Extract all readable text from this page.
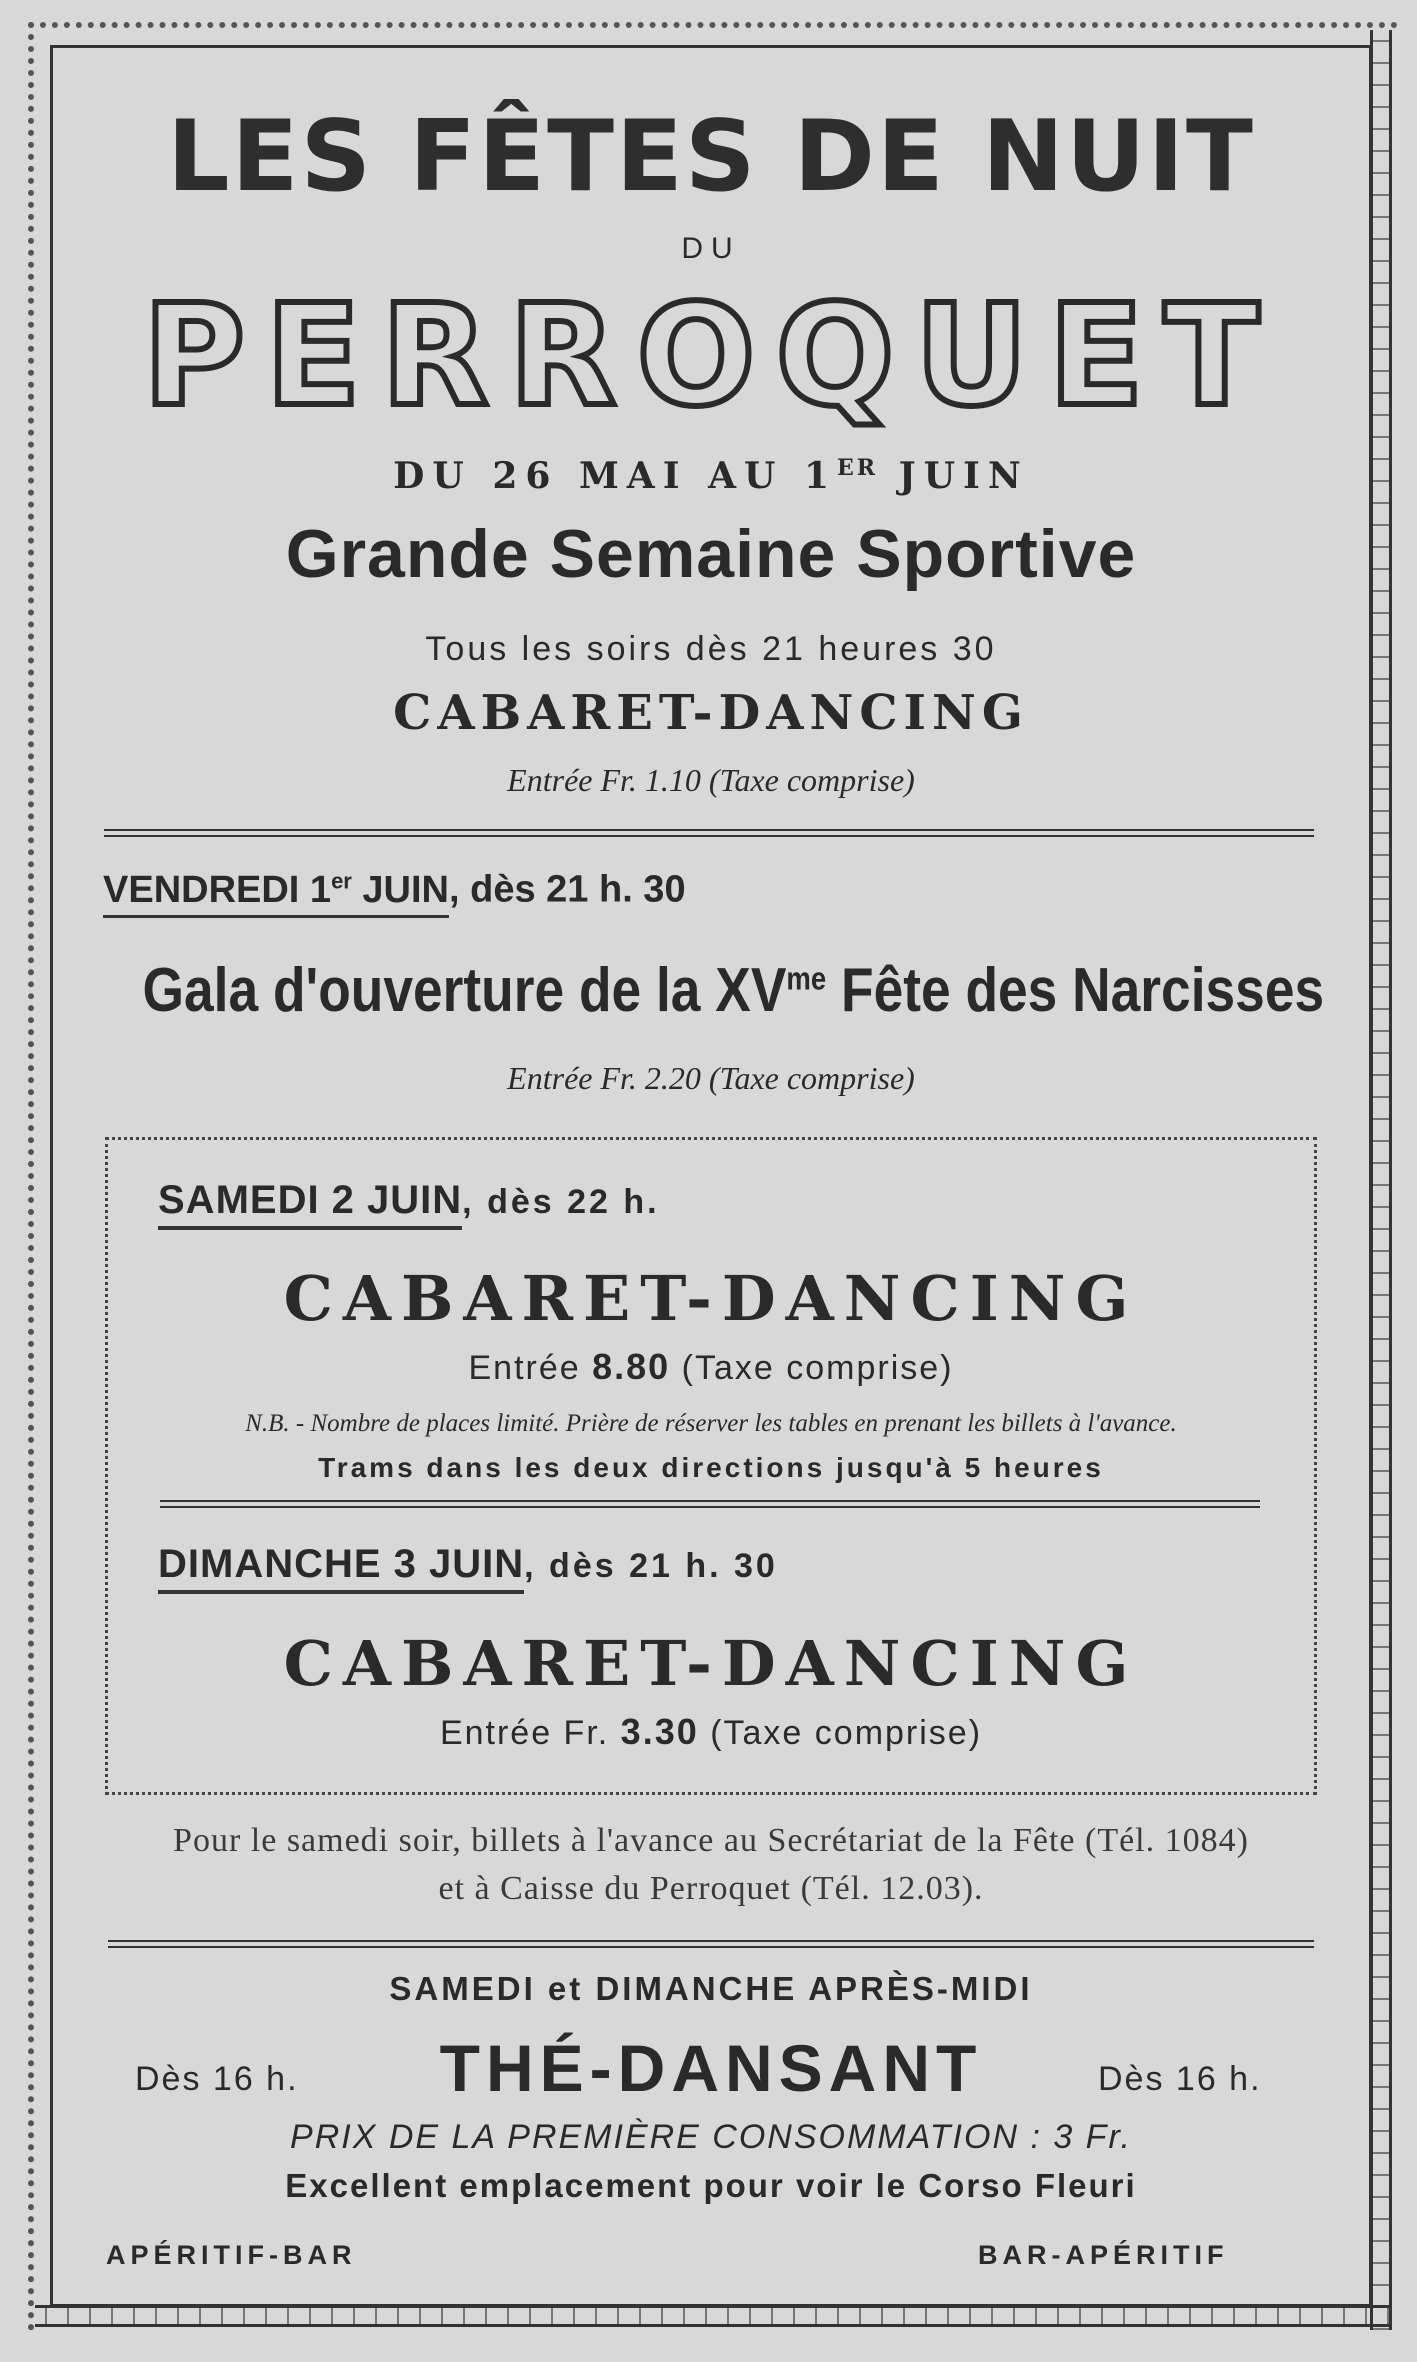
LES FÊTES DE NUIT
DU
PERROQUET
DU 26 MAI AU 1ER JUIN
Grande Semaine Sportive
Tous les soirs dès 21 heures 30
CABARET-DANCING
Entrée Fr. 1.10 (Taxe comprise)
VENDREDI 1er JUIN, dès 21 h. 30
Gala d'ouverture de la $XV^{me}$ Fête des Narcisses
Entrée Fr. 2.20 (Taxe comprise)
SAMEDI 2 JUIN, dès 22 h.
CABARET-DANCING
Entrée 8.80 (Taxe comprise)
N.B. - Nombre de places limité. Prière de réserver les tables en prenant les billets à l'avance.
Trams dans les deux directions jusqu'à 5 heures
DIMANCHE 3 JUIN, dès 21 h. 30
CABARET-DANCING
Entrée Fr. 3.30 (Taxe comprise)
Pour le samedi soir, billets à l'avance au Secrétariat de la Fête (Tél. 1084)
et à Caisse du Perroquet (Tél. 12.03).
SAMEDI et DIMANCHE APRÈS-MIDI
Dès 16 h.	THÉ-DANSANT	Dès 16 h.
PRIX DE LA PREMIÈRE CONSOMMATION : 3 Fr.
Excellent emplacement pour voir le Corso Fleuri
APÉRITIF-BAR	BAR-APÉRITIF
